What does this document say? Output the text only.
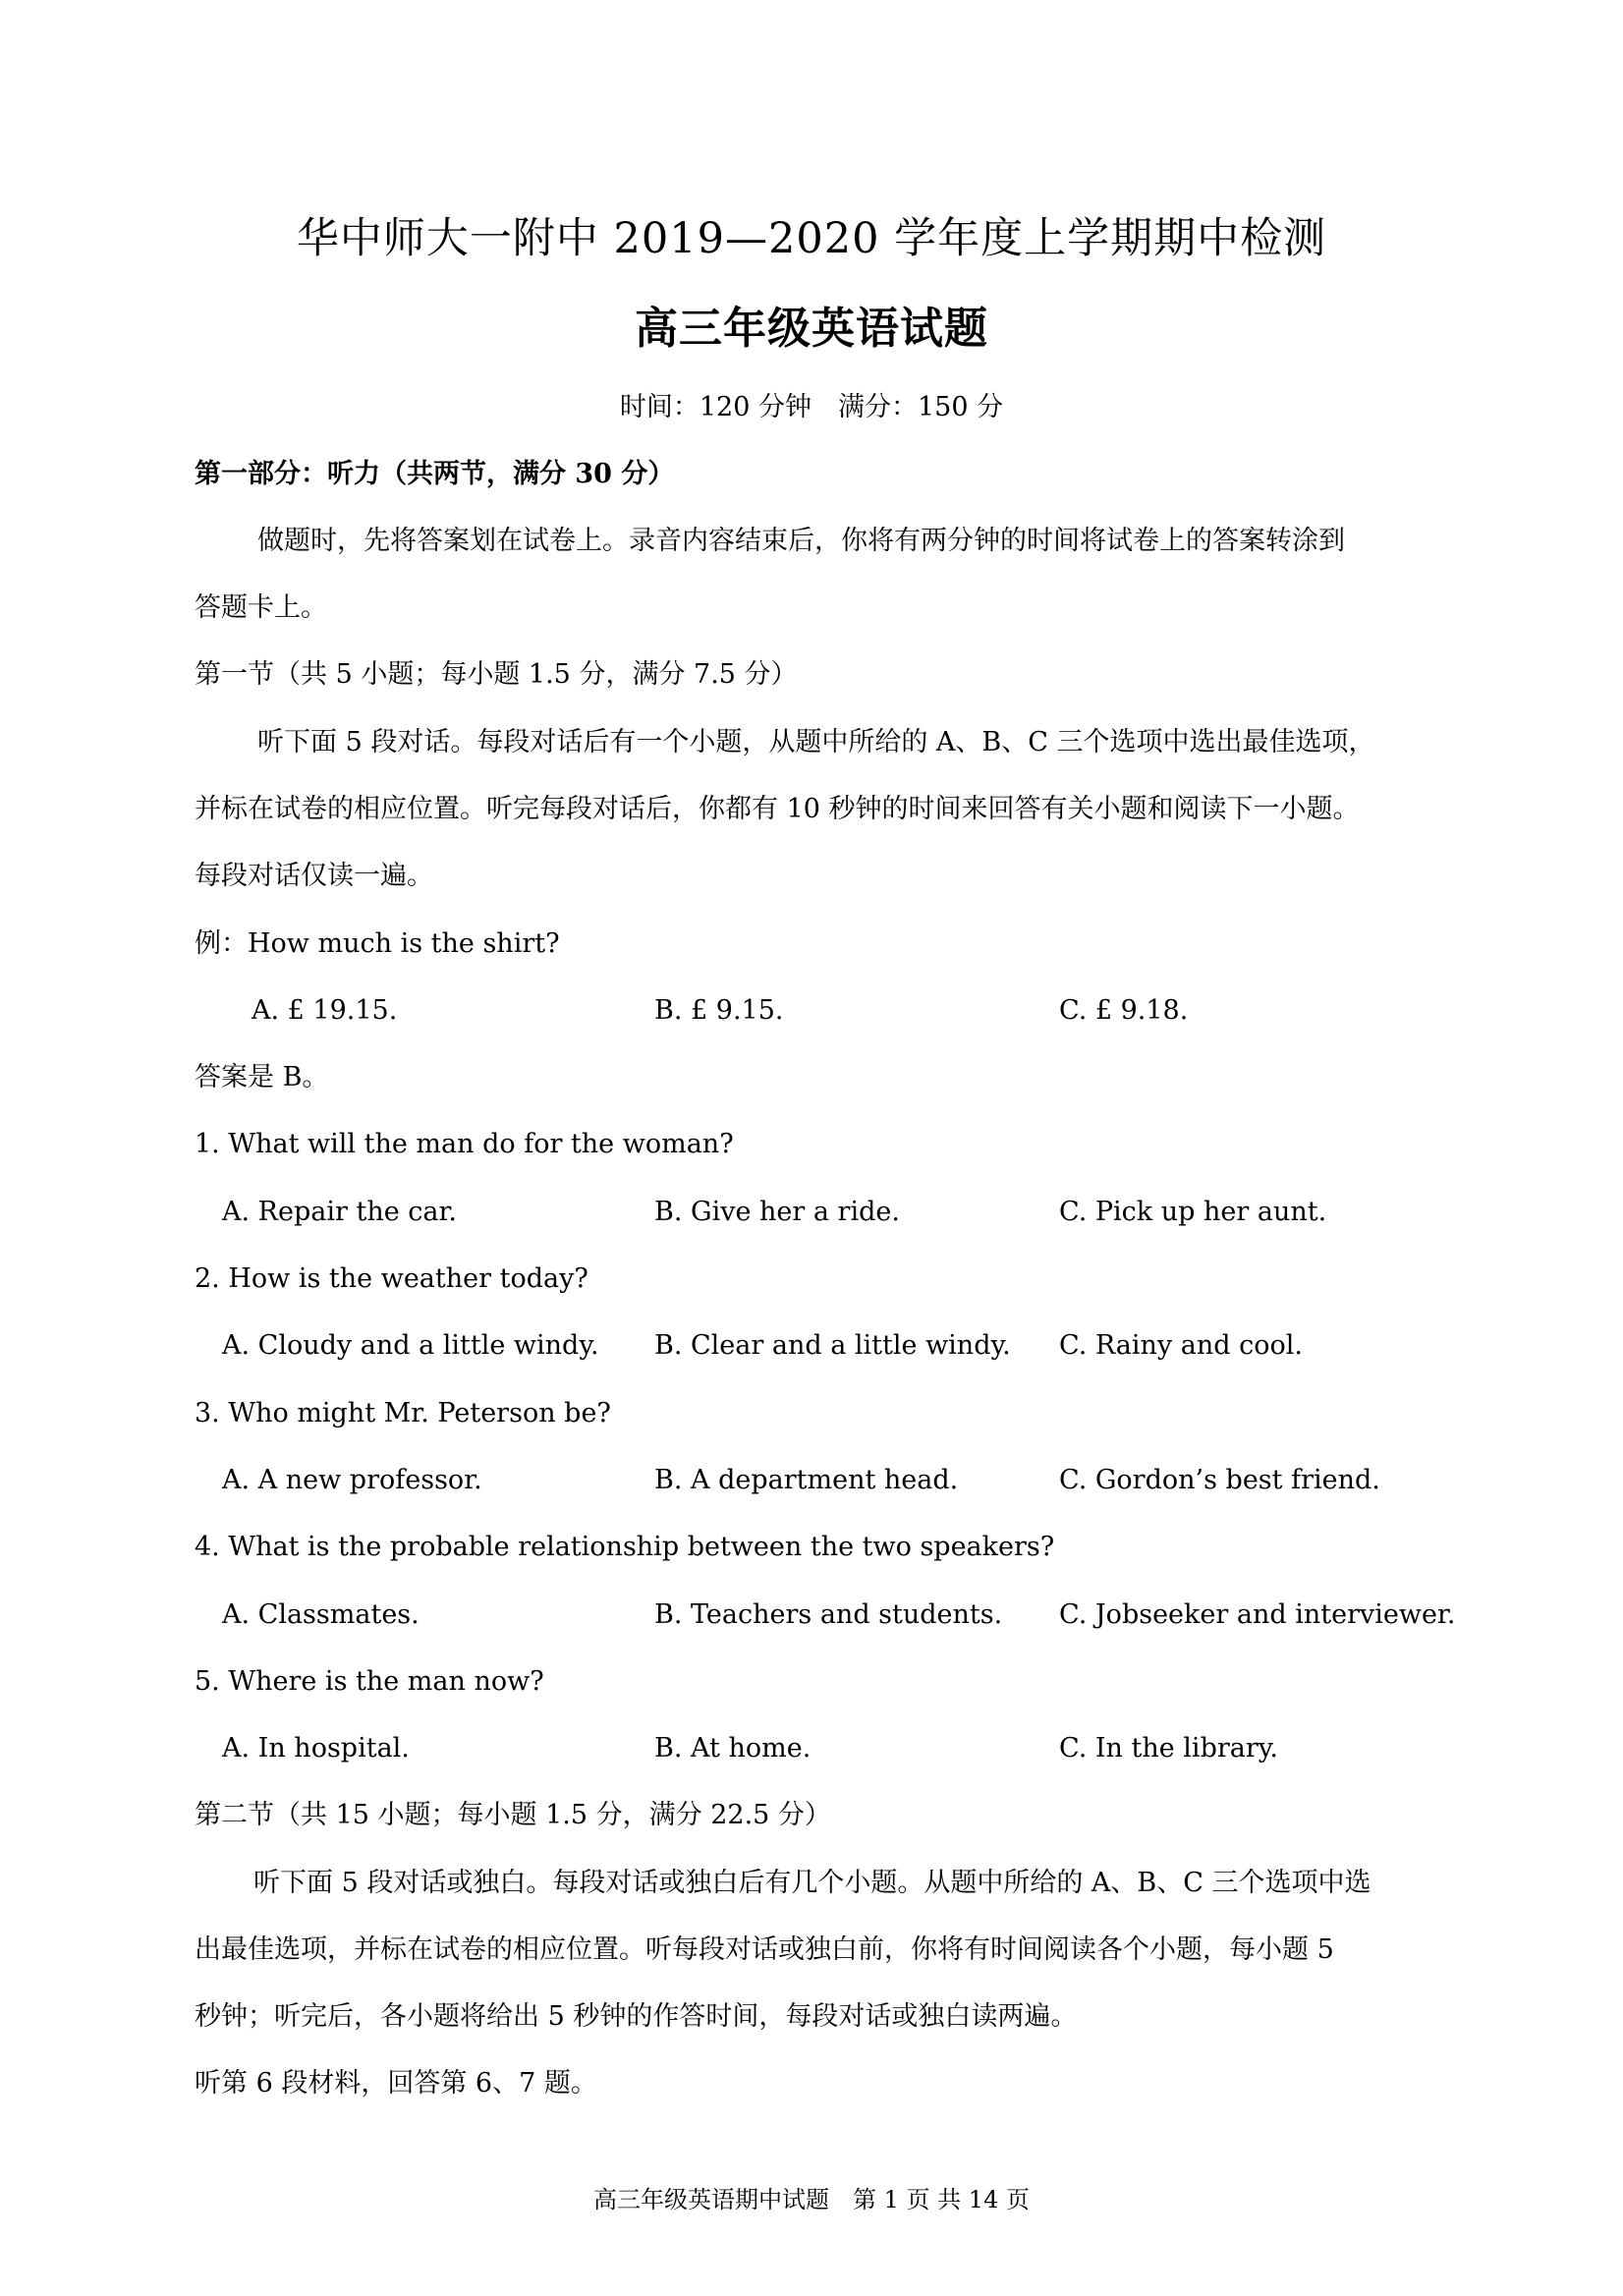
华中师大一附中 2019—2020 学年度上学期期中检测
高三年级英语试题
时间：120 分钟　满分：150 分
第一部分：听力（共两节，满分 30 分）
做题时，先将答案划在试卷上。录音内容结束后，你将有两分钟的时间将试卷上的答案转涂到
答题卡上。
第一节（共 5 小题；每小题 1.5 分，满分 7.5 分）
听下面 5 段对话。每段对话后有一个小题，从题中所给的 A、B、C 三个选项中选出最佳选项，
并标在试卷的相应位置。听完每段对话后，你都有 10 秒钟的时间来回答有关小题和阅读下一小题。
每段对话仅读一遍。
例：How much is the shirt?
A. £ 19.15.	B. £ 9.15.	C. £ 9.18.
答案是 B。
1. What will the man do for the woman?
A. Repair the car.	B. Give her a ride.	C. Pick up her aunt.
2. How is the weather today?
A. Cloudy and a little windy. B. Clear and a little windy. C. Rainy and cool.
3. Who might Mr. Peterson be?
A. A new professor.	B. A department head.	C. Gordon’s best friend.
4. What is the probable relationship between the two speakers?
A. Classmates.	B. Teachers and students. C. Jobseeker and interviewer.
5. Where is the man now?
A. In hospital.	B. At home.	C. In the library.
第二节（共 15 小题；每小题 1.5 分，满分 22.5 分）
听下面 5 段对话或独白。每段对话或独白后有几个小题。从题中所给的 A、B、C 三个选项中选
出最佳选项，并标在试卷的相应位置。听每段对话或独白前，你将有时间阅读各个小题，每小题 5
秒钟；听完后，各小题将给出 5 秒钟的作答时间，每段对话或独白读两遍。
听第 6 段材料，回答第 6、7 题。
高三年级英语期中试题　第 1 页 共 14 页
